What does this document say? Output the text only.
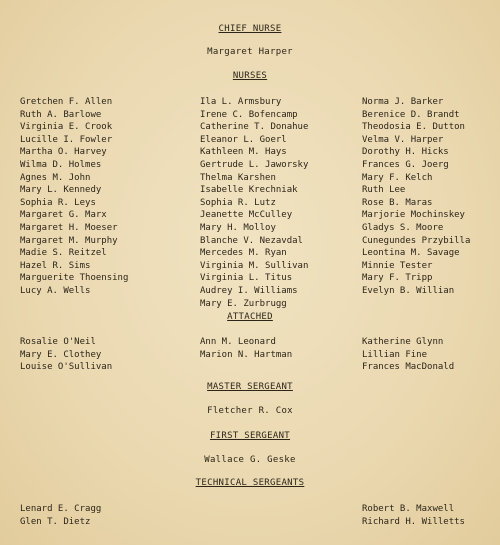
CHIEF NURSE
Margaret Harper
NURSES
Gretchen F. Allen
Ruth A. Barlowe
Virginia E. Crook
Lucille I. Fowler
Martha O. Harvey
Wilma D. Holmes
Agnes M. John
Mary L. Kennedy
Sophia R. Leys
Margaret G. Marx
Margaret H. Moeser
Margaret M. Murphy
Madie S. Reitzel
Hazel R. Sims
Marguerite Thoensing
Lucy A. Wells
Ila L. Armsbury
Irene C. Bofencamp
Catherine T. Donahue
Eleanor L. Goerl
Kathleen M. Hays
Gertrude L. Jaworsky
Thelma Karshen
Isabelle Krechniak
Sophia R. Lutz
Jeanette McCulley
Mary H. Molloy
Blanche V. Nezavdal
Mercedes M. Ryan
Virginia M. Sullivan
Virginia L. Titus
Audrey I. Williams
Mary E. Zurbrugg
Norma J. Barker
Berenice D. Brandt
Theodosia E. Dutton
Velma V. Harper
Dorothy H. Hicks
Frances G. Joerg
Mary F. Kelch
Ruth Lee
Rose B. Maras
Marjorie Mochinskey
Gladys S. Moore
Cunegundes Przybilla
Leontina M. Savage
Minnie Tester
Mary F. Tripp
Evelyn B. Willian
ATTACHED
Rosalie O'Neil
Mary E. Clothey
Louise O'Sullivan
Ann M. Leonard
Marion N. Hartman
Katherine Glynn
Lillian Fine
Frances MacDonald
MASTER SERGEANT
Fletcher R. Cox
FIRST SERGEANT
Wallace G. Geske
TECHNICAL SERGEANTS
Lenard E. Cragg
Glen T. Dietz
Robert B. Maxwell
Richard H. Willetts
